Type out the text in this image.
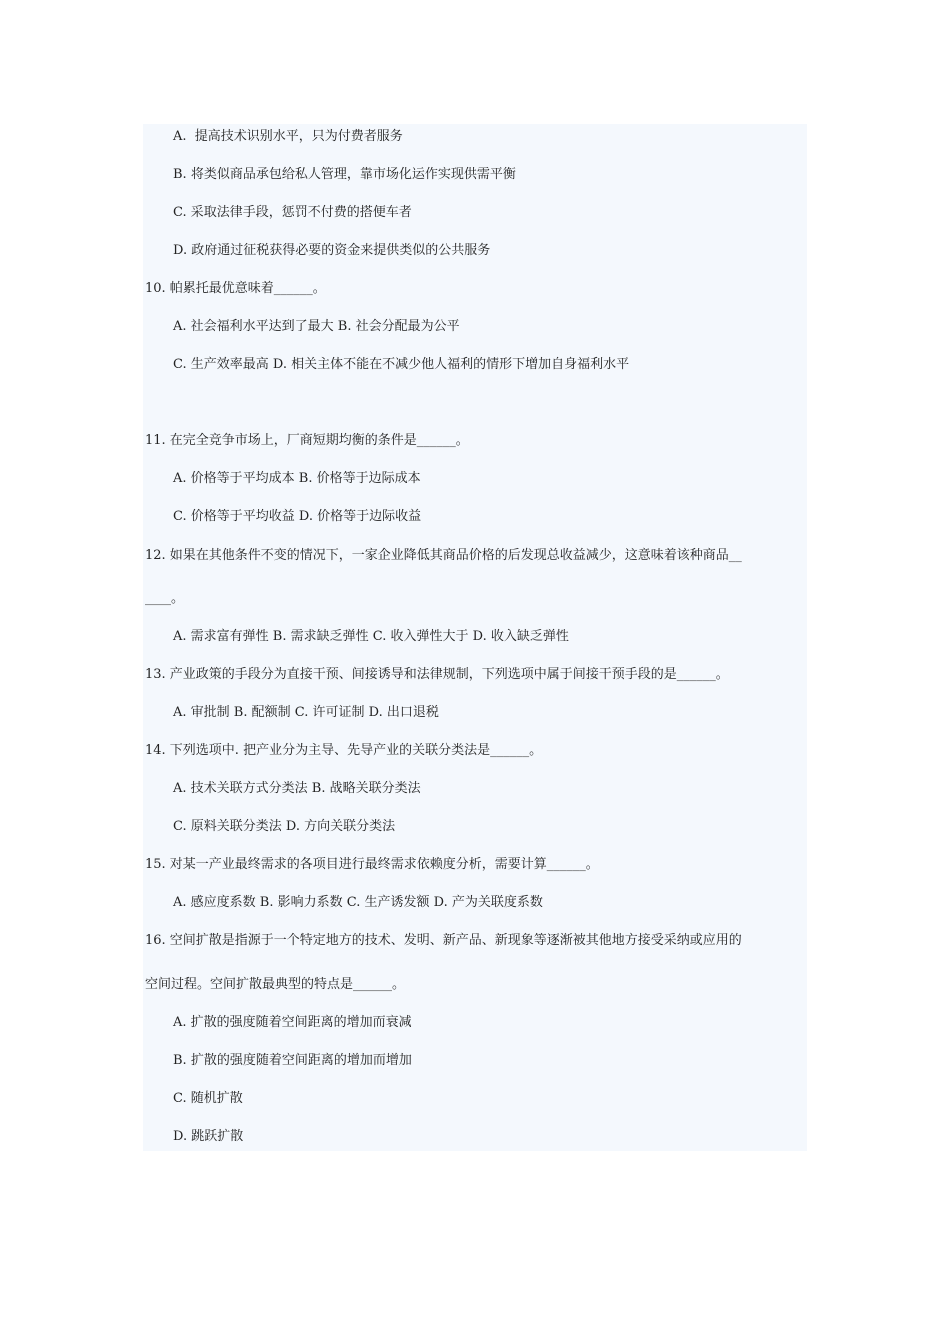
A.  提高技术识别水平，只为付费者服务
B. 将类似商品承包给私人管理，靠市场化运作实现供需平衡
C. 采取法律手段，惩罚不付费的搭便车者
D. 政府通过征税获得必要的资金来提供类似的公共服务
10. 帕累托最优意味着______。
A. 社会福利水平达到了最大 B. 社会分配最为公平
C. 生产效率最高 D. 相关主体不能在不减少他人福利的情形下增加自身福利水平
11. 在完全竞争市场上，厂商短期均衡的条件是______。
A. 价格等于平均成本 B. 价格等于边际成本
C. 价格等于平均收益 D. 价格等于边际收益
12. 如果在其他条件不变的情况下，一家企业降低其商品价格的后发现总收益减少，这意味着该种商品__
____。
A. 需求富有弹性 B. 需求缺乏弹性 C. 收入弹性大于 D. 收入缺乏弹性
13. 产业政策的手段分为直接干预、间接诱导和法律规制，下列选项中属于间接干预手段的是______。
A. 审批制 B. 配额制 C. 许可证制 D. 出口退税
14. 下列选项中. 把产业分为主导、先导产业的关联分类法是______。
A. 技术关联方式分类法 B. 战略关联分类法
C. 原料关联分类法 D. 方向关联分类法
15. 对某一产业最终需求的各项目进行最终需求依赖度分析，需要计算______。
A. 感应度系数 B. 影响力系数 C. 生产诱发额 D. 产为关联度系数
16. 空间扩散是指源于一个特定地方的技术、发明、新产品、新现象等逐渐被其他地方接受采纳或应用的
空间过程。空间扩散最典型的特点是______。
A. 扩散的强度随着空间距离的增加而衰减
B. 扩散的强度随着空间距离的增加而增加
C. 随机扩散
D. 跳跃扩散
